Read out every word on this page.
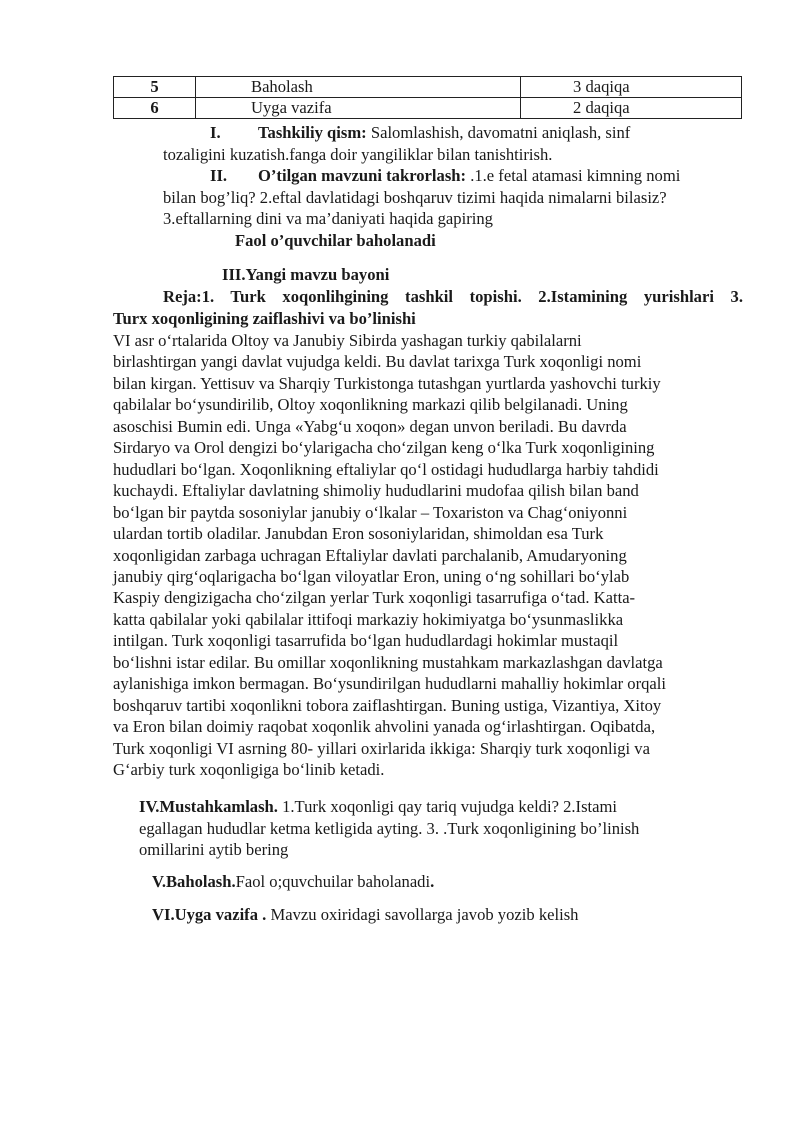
5	Baholash	3 daqiqa
6	Uyga vazifa	2 daqiqa
I. Tashkiliy qism: Salomlashish, davomatni aniqlash, sinf
tozaligini kuzatish.fanga doir yangiliklar bilan tanishtirish.
II. O’tilgan mavzuni takrorlash: .1.e fetal atamasi kimning nomi
bilan bog’liq? 2.eftal davlatidagi boshqaruv tizimi haqida nimalarni bilasiz?
3.eftallarning dini va ma’daniyati haqida gapiring
Faol o’quvchilar baholanadi
III.Yangi mavzu bayoni
Reja:1. Turk xoqonlihgining tashkil topishi. 2.Istamining yurishlari 3.
Turx xoqonligining zaiflashivi va bo’linishi
VI asr o‘rtalarida Oltoy va Janubiy Sibirda yashagan turkiy qabilalarni
birlashtirgan yangi davlat vujudga keldi. Bu davlat tarixga Turk xoqonligi nomi
bilan kirgan. Yettisuv va Sharqiy Turkistonga tutashgan yurtlarda yashovchi turkiy
qabilalar bo‘ysundirilib, Oltoy xoqonlikning markazi qilib belgilanadi. Uning
asoschisi Bumin edi. Unga «Yabg‘u xoqon» degan unvon beriladi. Bu davrda
Sirdaryo va Orol dengizi bo‘ylarigacha cho‘zilgan keng o‘lka Turk xoqonligining
hududlari bo‘lgan. Xoqonlikning eftaliylar qo‘l ostidagi hududlarga harbiy tahdidi
kuchaydi. Eftaliylar davlatning shimoliy hududlarini mudofaa qilish bilan band
bo‘lgan bir paytda sosoniylar janubiy o‘lkalar – Toxariston va Chag‘oniyonni
ulardan tortib oladilar. Janubdan Eron sosoniylaridan, shimoldan esa Turk
xoqonligidan zarbaga uchragan Eftaliylar davlati parchalanib, Amudaryoning
janubiy qirg‘oqlarigacha bo‘lgan viloyatlar Eron, uning o‘ng sohillari bo‘ylab
Kaspiy dengizigacha cho‘zilgan yerlar Turk xoqonligi tasarrufiga o‘tad. Katta-
katta qabilalar yoki qabilalar ittifoqi markaziy hokimiyatga bo‘ysunmaslikka
intilgan. Turk xoqonligi tasarrufida bo‘lgan hududlardagi hokimlar mustaqil
bo‘lishni istar edilar. Bu omillar xoqonlikning mustahkam markazlashgan davlatga
aylanishiga imkon bermagan. Bo‘ysundirilgan hududlarni mahalliy hokimlar orqali
boshqaruv tartibi xoqonlikni tobora zaiflashtirgan. Buning ustiga, Vizantiya, Xitoy
va Eron bilan doimiy raqobat xoqonlik ahvolini yanada og‘irlashtirgan. Oqibatda,
Turk xoqonligi VI asrning 80- yillari oxirlarida ikkiga: Sharqiy turk xoqonligi va
G‘arbiy turk xoqonligiga bo‘linib ketadi.
IV.Mustahkamlash. 1.Turk xoqonligi qay tariq vujudga keldi? 2.Istami
egallagan hududlar ketma ketligida ayting. 3. .Turk xoqonligining bo’linish
omillarini aytib bering
V.Baholash.Faol o;quvchuilar baholanadi.
VI.Uyga vazifa . Mavzu oxiridagi savollarga javob yozib kelish
